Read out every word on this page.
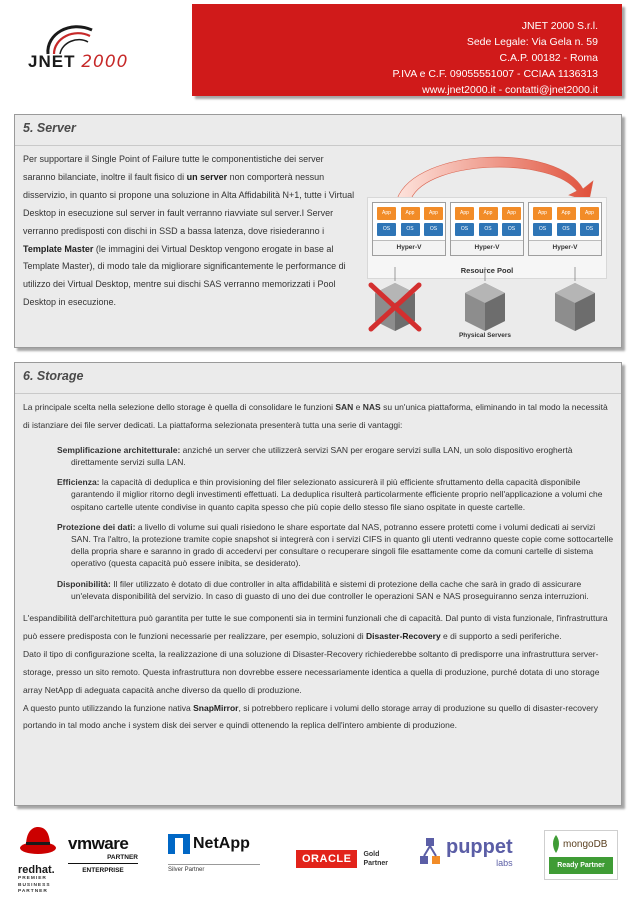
JNET 2000
JNET 2000 S.r.l.
Sede Legale: Via Gela n. 59
C.A.P. 00182 - Roma
P.IVA e C.F. 09055551007 - CCIAA 1136313
www.jnet2000.it - contatti@jnet2000.it
5. Server
Per supportare il Single Point of Failure tutte le componentistiche dei server saranno bilanciate, inoltre il fault fisico di un server non comporterà nessun disservizio, in quanto si propone una soluzione in Alta Affidabilità N+1, tutte i Virtual Desktop in esecuzione sul server in fault verranno riavviate sul server.I Server verranno predisposti con dischi in SSD a bassa latenza, dove risiederanno i Template Master (le immagini dei Virtual Desktop vengono erogate in base al Template Master), di modo tale da migliorare significantemente le performance di utilizzo dei Virtual Desktop, mentre sui dischi SAS verranno memorizzati i Pool Desktop in esecuzione.
App	App	App
OS	OS	OS
Hyper-V
App	App	App
OS	OS	OS
Hyper-V
App	App	App
OS	OS	OS
Hyper-V
Resource Pool
Physical Servers
6. Storage
La principale scelta nella selezione dello storage è quella di consolidare le funzioni SAN e NAS su un'unica piattaforma, eliminando in tal modo la necessità di istanziare dei file server dedicati. La piattaforma selezionata presenterà tutta una serie di vantaggi:
Semplificazione architetturale: anziché un server che utilizzerà servizi SAN per erogare servizi sulla LAN, un solo dispositivo eroghertà direttamente servizi sulla LAN.
Efficienza: la capacità di deduplica e thin provisioning del filer selezionato assicurerà il più efficiente sfruttamento della capacità disponibile garantendo il miglior ritorno degli investimenti effettuati. La deduplica risulterà particolarmente efficiente proprio nell'applicazione a volumi che ospitano cartelle utente condivise in quanto capita spesso che più copie dello stesso file siano ospitate in queste cartelle.
Protezione dei dati: a livello di volume sui quali risiedono le share esportate dal NAS, potranno essere protetti come i volumi dedicati ai servizi SAN. Tra l'altro, la protezione tramite copie snapshot si integrerà con i servizi CIFS in quanto gli utenti vedranno queste copie come sottocartelle della propria share e saranno in grado di accedervi per consultare o recuperare singoli file esattamente come da comuni cartelle di sistema operativo (questa capacità può essere inibita, se desiderato).
Disponibilità: Il filer utilizzato è dotato di due controller in alta affidabilità e sistemi di protezione della cache che sarà in grado di assicurare un'elevata disponibilità del servizio. In caso di guasto di uno dei due controller le operazioni SAN e NAS proseguiranno senza interruzioni.
L'espandibilità dell'architettura può garantita per tutte le sue componenti sia in termini funzionali che di capacità. Dal punto di vista funzionale, l'infrastruttura può essere predisposta con le funzioni necessarie per realizzare, per esempio, soluzioni di Disaster-Recovery e di supporto a sedi periferiche.
Dato il tipo di configurazione scelta, la realizzazione di una soluzione di Disaster-Recovery richiederebbe soltanto di predisporre una infrastruttura server-storage, presso un sito remoto. Questa infrastruttura non dovrebbe essere necessariamente identica a quella di produzione, purché dotata di uno storage array NetApp di adeguata capacità anche diverso da quello di produzione.
A questo punto utilizzando la funzione nativa SnapMirror, si potrebbero replicare i volumi dello storage array di produzione su quello di disaster-recovery portando in tal modo anche i system disk dei server e quindi ottenendo la replica dell'intero ambiente di produzione.
redhat.
PREMIER BUSINESS PARTNER
vmware
PARTNER
ENTERPRISE
NetApp
Silver Partner
ORACLE	Gold Partner
puppet
labs
mongoDB
Ready Partner
